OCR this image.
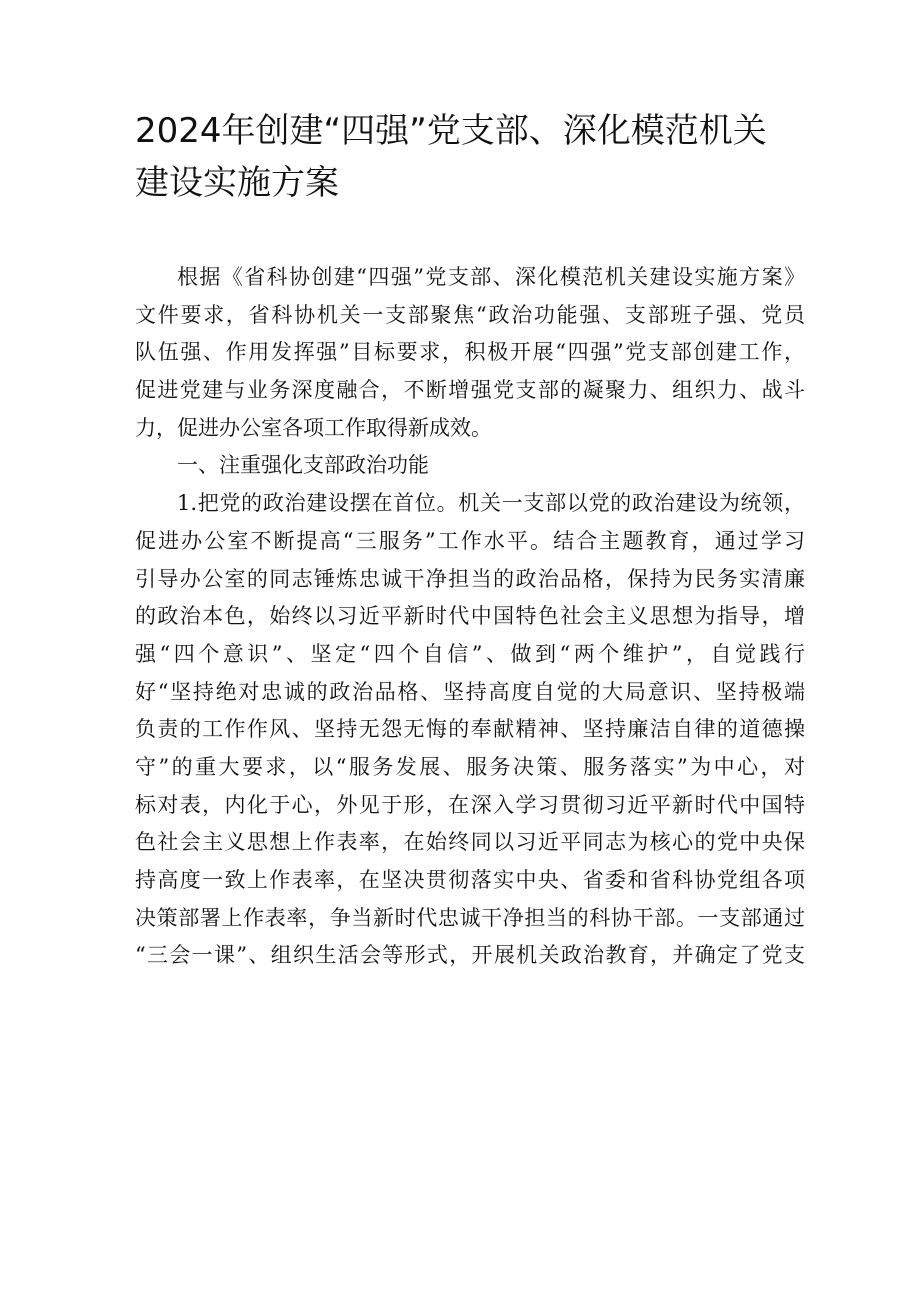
2024年创建“四强”党支部、深化模范机关
建设实施方案
根据《省科协创建“四强”党支部、深化模范机关建设实施方案》
文件要求，省科协机关一支部聚焦“政治功能强、支部班子强、党员
队伍强、作用发挥强”目标要求，积极开展“四强”党支部创建工作，
促进党建与业务深度融合，不断增强党支部的凝聚力、组织力、战斗
力，促进办公室各项工作取得新成效。
一、注重强化支部政治功能
1.把党的政治建设摆在首位。机关一支部以党的政治建设为统领，
促进办公室不断提高“三服务”工作水平。结合主题教育，通过学习
引导办公室的同志锤炼忠诚干净担当的政治品格，保持为民务实清廉
的政治本色，始终以习近平新时代中国特色社会主义思想为指导，增
强“四个意识”、坚定“四个自信”、做到“两个维护”，自觉践行
好“坚持绝对忠诚的政治品格、坚持高度自觉的大局意识、坚持极端
负责的工作作风、坚持无怨无悔的奉献精神、坚持廉洁自律的道德操
守”的重大要求，以“服务发展、服务决策、服务落实”为中心，对
标对表，内化于心，外见于形，在深入学习贯彻习近平新时代中国特
色社会主义思想上作表率，在始终同以习近平同志为核心的党中央保
持高度一致上作表率，在坚决贯彻落实中央、省委和省科协党组各项
决策部署上作表率，争当新时代忠诚干净担当的科协干部。一支部通过
“三会一课”、组织生活会等形式，开展机关政治教育，并确定了党支
